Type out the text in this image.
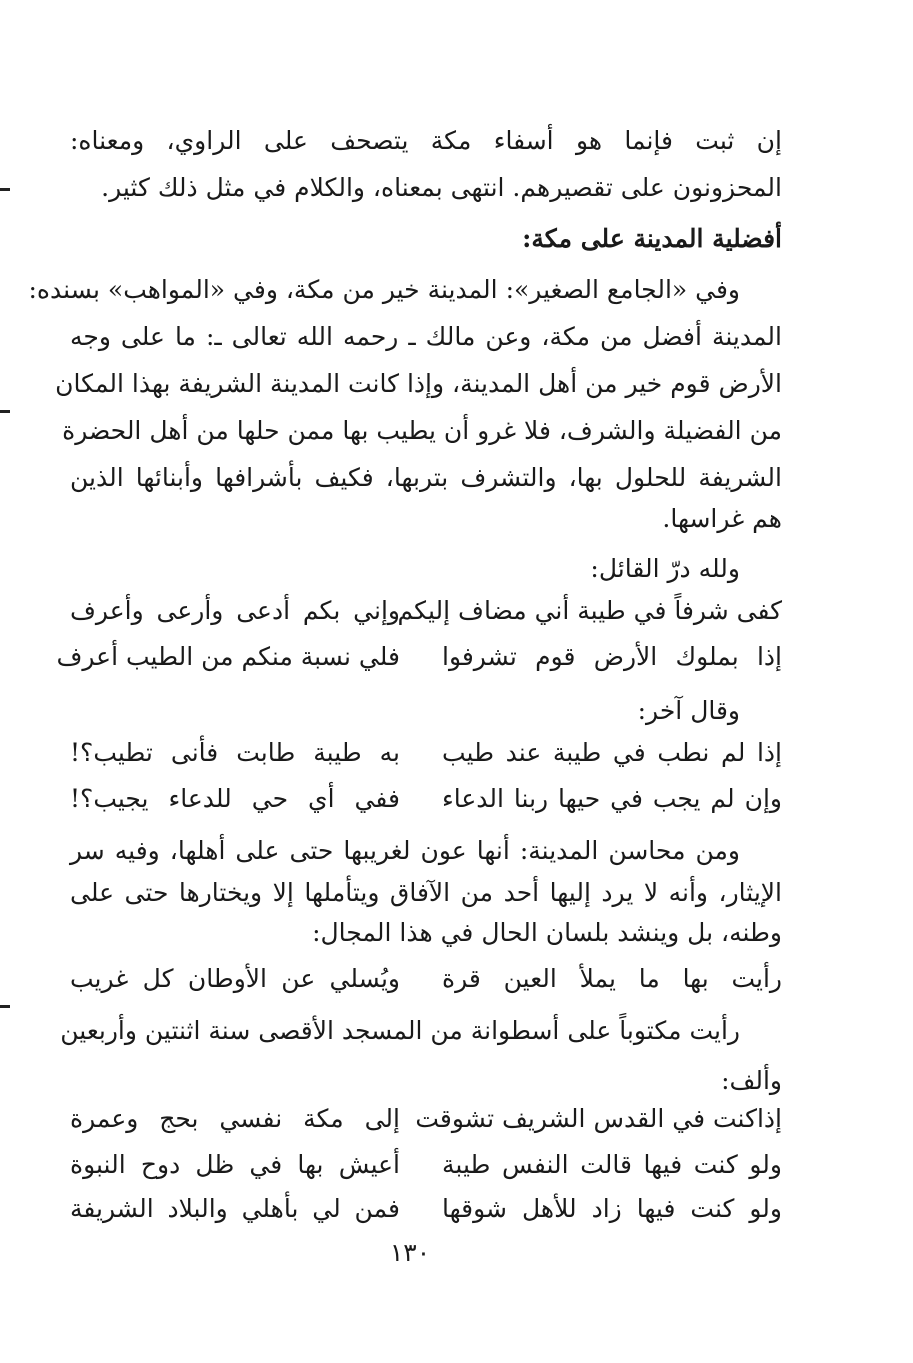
إن ثبت فإنما هو أسفاء مكة يتصحف على الراوي، ومعناه:
المحزونون على تقصيرهم. انتهى بمعناه، والكلام في مثل ذلك كثير.
أفضلية المدينة على مكة:
وفي «الجامع الصغير»: المدينة خير من مكة، وفي «المواهب» بسنده:
المدينة أفضل من مكة، وعن مالك ـ رحمه الله تعالى ـ: ما على وجه
الأرض قوم خير من أهل المدينة، وإذا كانت المدينة الشريفة بهذا المكان
من الفضيلة والشرف، فلا غرو أن يطيب بها ممن حلها من أهل الحضرة
الشريفة للحلول بها، والتشرف بتربها، فكيف بأشرافها وأبنائها الذين
هم غراسها.
ولله درّ القائل:
كفى شرفاً في طيبة أني مضاف إليكم
وإني بكم أدعى وأرعى وأعرف
إذا بملوك الأرض قوم تشرفوا
فلي نسبة منكم من الطيب أعرف
وقال آخر:
إذا لم نطب في طيبة عند طيب
به طيبة طابت فأنى تطيب؟!
وإن لم يجب في حيها ربنا الدعاء
ففي أي حي للدعاء يجيب؟!
ومن محاسن المدينة: أنها عون لغريبها حتى على أهلها، وفيه سر
الإيثار، وأنه لا يرد إليها أحد من الآفاق ويتأملها إلا ويختارها حتى على
وطنه، بل وينشد بلسان الحال في هذا المجال:
رأيت بها ما يملأ العين قرة
ويُسلي عن الأوطان كل غريب
رأيت مكتوباً على أسطوانة من المسجد الأقصى سنة اثنتين وأربعين
وألف:
إذاكنت في القدس الشريف تشوقت
إلى مكة نفسي بحج وعمرة
ولو كنت فيها قالت النفس طيبة
أعيش بها في ظل دوح النبوة
ولو كنت فيها زاد للأهل شوقها
فمن لي بأهلي والبلاد الشريفة
١٣٠
